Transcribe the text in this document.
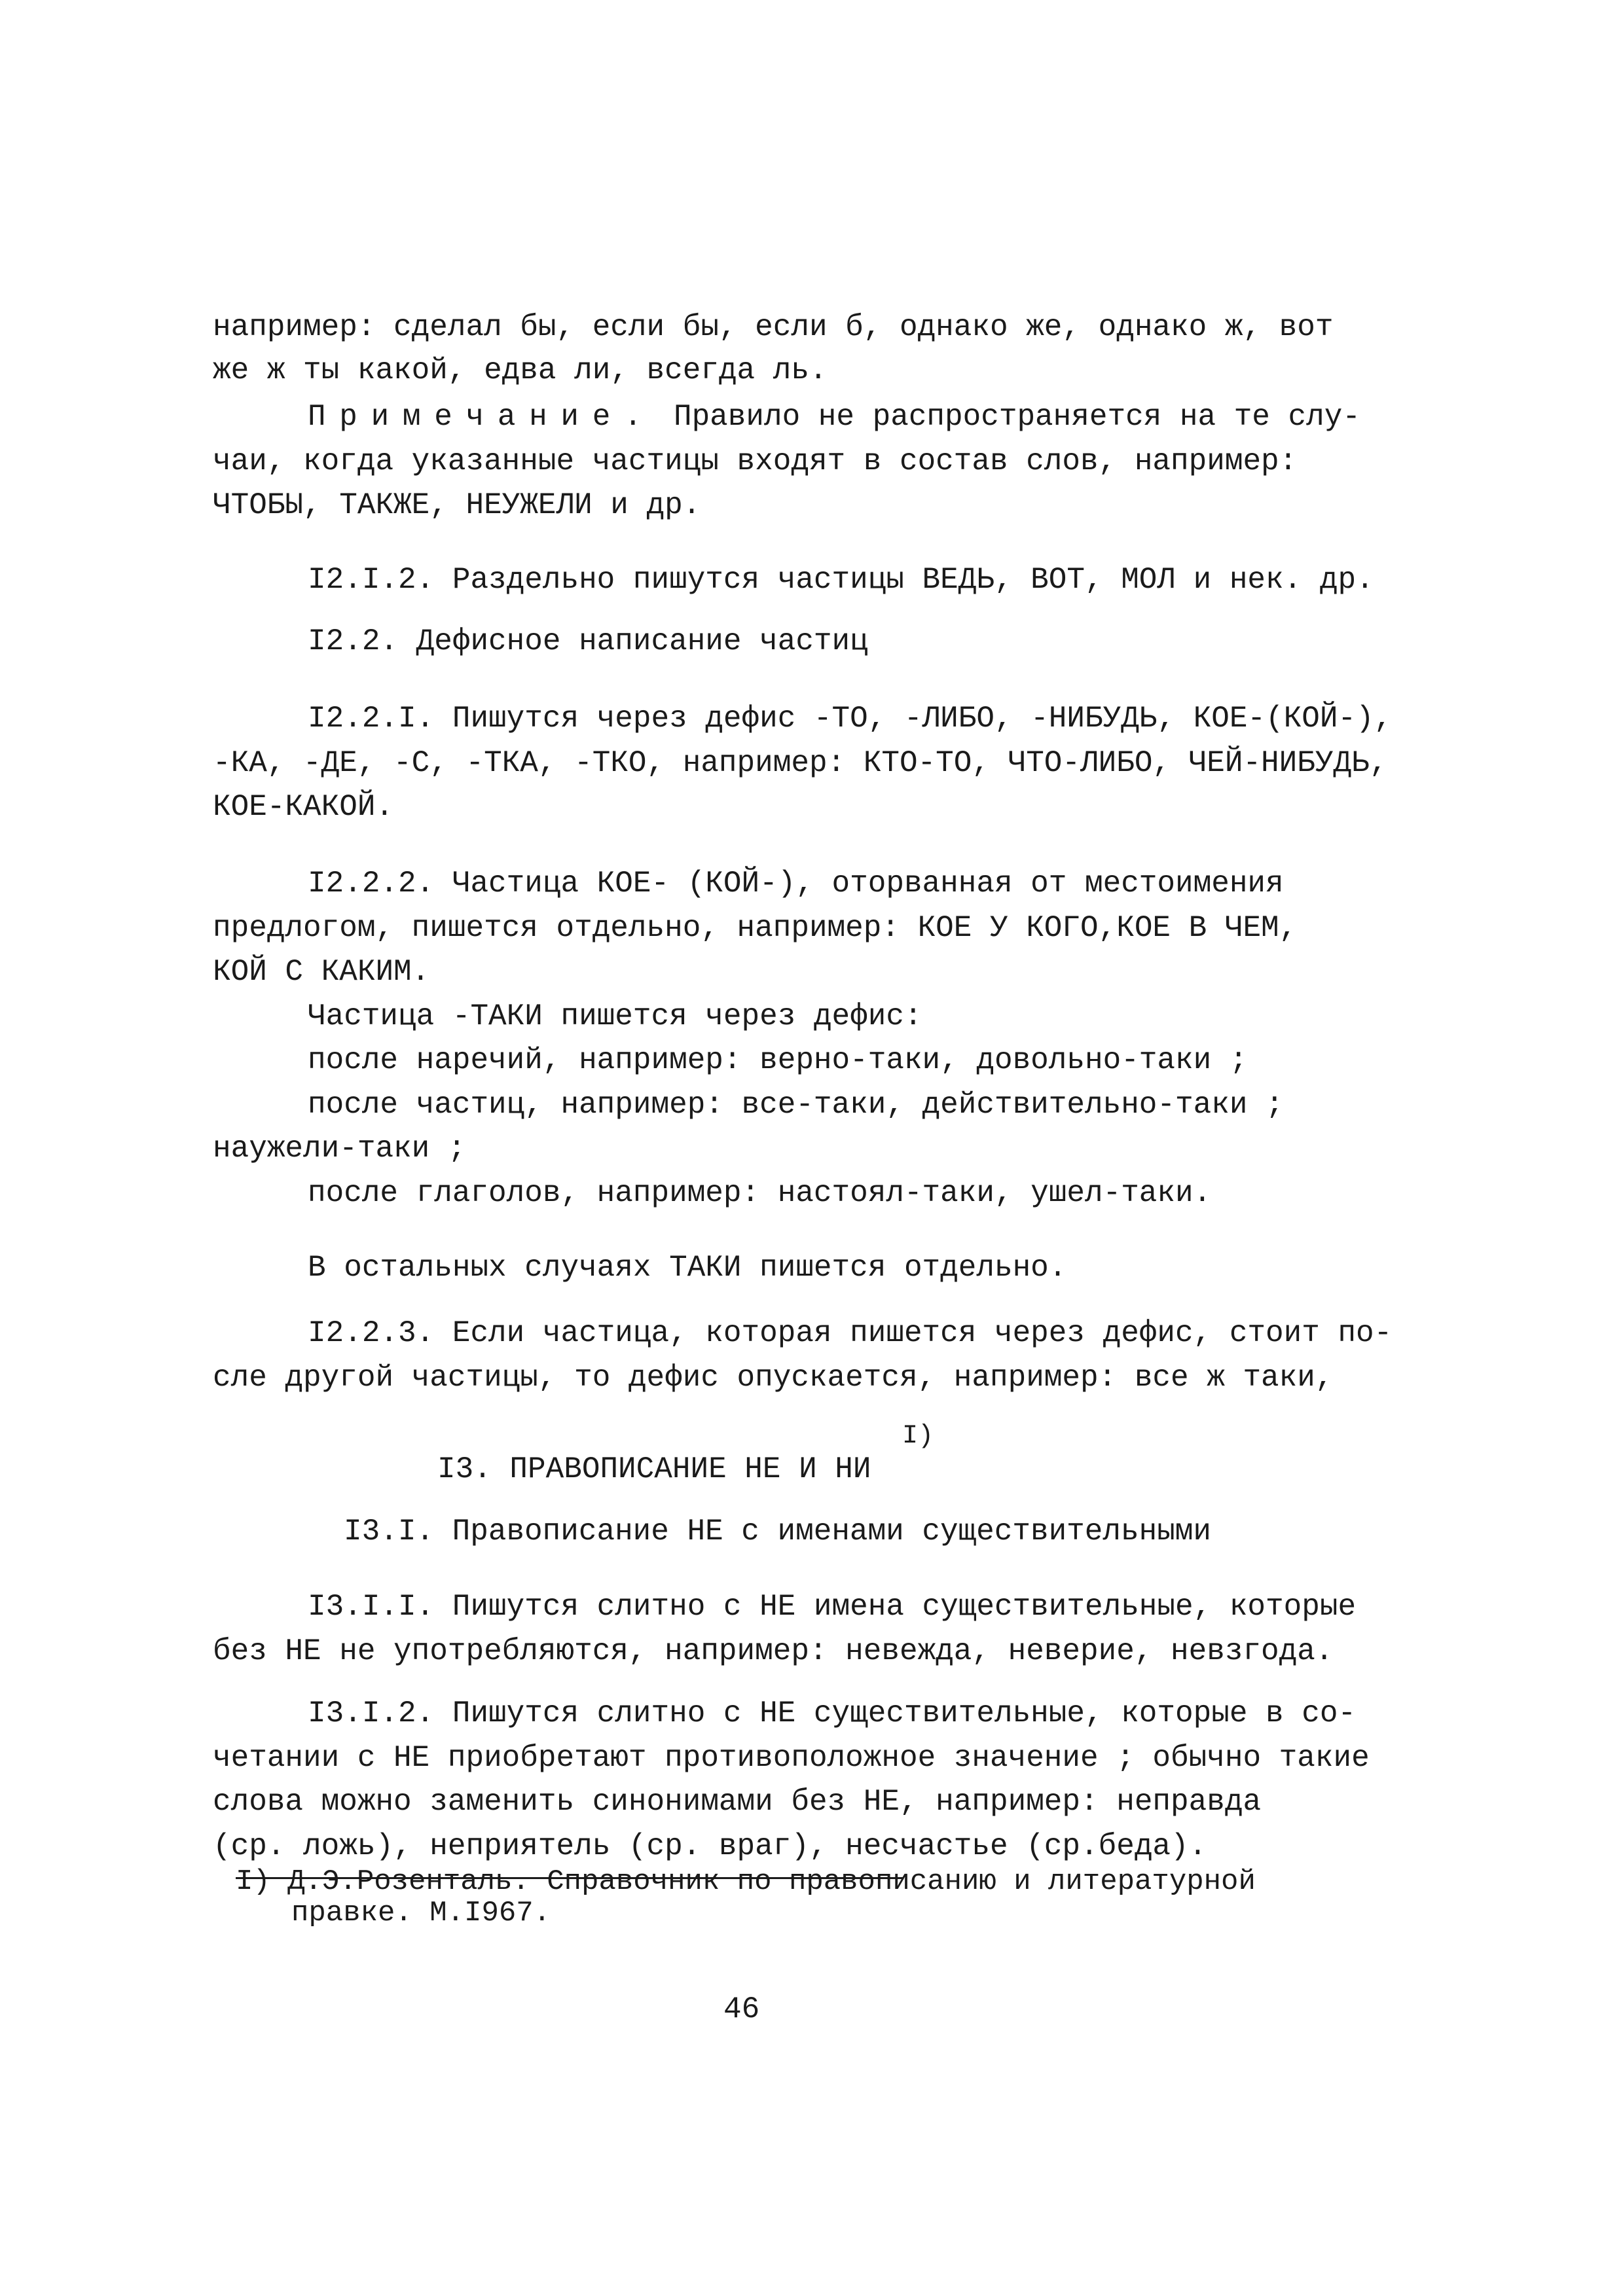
например: сделал бы, если бы, если б, однако же, однако ж, вот
же ж ты какой, едва ли, всегда ль.
Примечание. Правило не распространяется на те слу-
чаи, когда указанные частицы входят в состав слов, например:
ЧТОБЫ, ТАКЖЕ, НЕУЖЕЛИ и др.
I2.I.2. Раздельно пишутся частицы ВЕДЬ, ВОТ, МОЛ и нек. др.
I2.2. Дефисное написание частиц
I2.2.I. Пишутся через дефис -ТО, -ЛИБО, -НИБУДЬ, КОЕ-(КОЙ-),
-КА, -ДЕ, -С, -ТКА, -ТКО, например: КТО-ТО, ЧТО-ЛИБО, ЧЕЙ-НИБУДЬ,
КОЕ-КАКОЙ.
I2.2.2. Частица КОЕ- (КОЙ-), оторванная от местоимения
предлогом, пишется отдельно, например: КОЕ У КОГО,КОЕ В ЧЕМ,
КОЙ С КАКИМ.
Частица -ТАКИ пишется через дефис:
после наречий, например: верно-таки, довольно-таки ;
после частиц, например: все-таки, действительно-таки ;
наужели-таки ;
после глаголов, например: настоял-таки, ушел-таки.
В остальных случаях ТАКИ пишется отдельно.
I2.2.3. Если частица, которая пишется через дефис, стоит по-
сле другой частицы, то дефис опускается, например: все ж таки,
I3. ПРАВОПИСАНИЕ НЕ И НИ
I)
I3.I. Правописание НЕ с именами существительными
I3.I.I. Пишутся слитно с НЕ имена существительные, которые
без НЕ не употребляются, например: невежда, неверие, невзгода.
I3.I.2. Пишутся слитно с НЕ существительные, которые в со-
четании с НЕ приобретают противоположное значение ; обычно такие
слова можно заменить синонимами без НЕ, например: неправда
(ср. ложь), неприятель (ср. враг), несчастье (ср.беда).
I) Д.Э.Розенталь. Справочник по правописанию и литературной
правке. М.I967.
46
